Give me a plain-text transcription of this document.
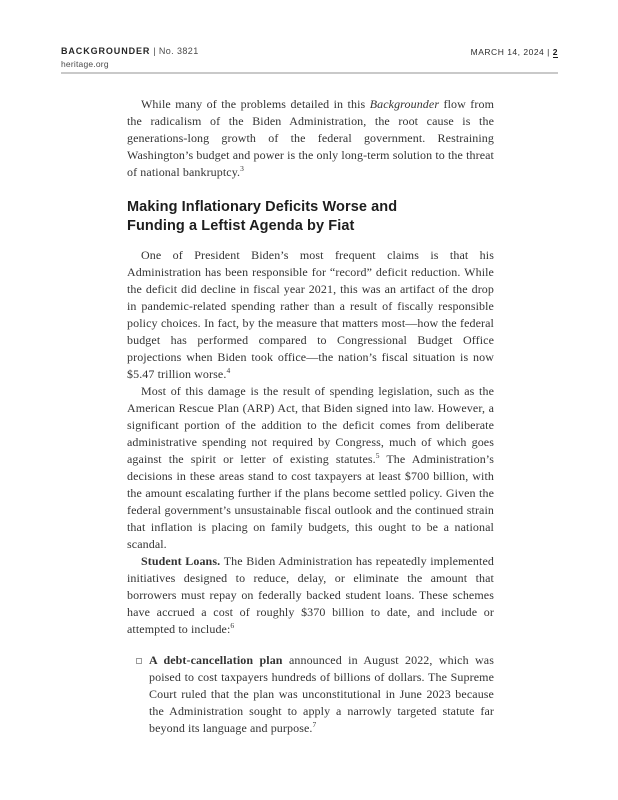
BACKGROUNDER | No. 3821
heritage.org
MARCH 14, 2024 | 2

While many of the problems detailed in this Backgrounder flow from the radicalism of the Biden Administration, the root cause is the generations-long growth of the federal government. Restraining Washington’s budget and power is the only long-term solution to the threat of national bankruptcy.$^3$

Making Inflationary Deficits Worse and
Funding a Leftist Agenda by Fiat

One of President Biden’s most frequent claims is that his Administration has been responsible for “record” deficit reduction. While the deficit did decline in fiscal year 2021, this was an artifact of the drop in pandemic-related spending rather than a result of fiscally responsible policy choices. In fact, by the measure that matters most—how the federal budget has performed compared to Congressional Budget Office projections when Biden took office—the nation’s fiscal situation is now $5.47 trillion worse.$^4$

Most of this damage is the result of spending legislation, such as the American Rescue Plan (ARP) Act, that Biden signed into law. However, a significant portion of the addition to the deficit comes from deliberate administrative spending not required by Congress, much of which goes against the spirit or letter of existing statutes.$^5$ The Administration’s decisions in these areas stand to cost taxpayers at least $700 billion, with the amount escalating further if the plans become settled policy. Given the federal government’s unsustainable fiscal outlook and the continued strain that inflation is placing on family budgets, this ought to be a national scandal.

Student Loans. The Biden Administration has repeatedly implemented initiatives designed to reduce, delay, or eliminate the amount that borrowers must repay on federally backed student loans. These schemes have accrued a cost of roughly $370 billion to date, and include or attempted to include:$^6$

A debt-cancellation plan announced in August 2022, which was poised to cost taxpayers hundreds of billions of dollars. The Supreme Court ruled that the plan was unconstitutional in June 2023 because the Administration sought to apply a narrowly targeted statute far beyond its language and purpose.$^7$
